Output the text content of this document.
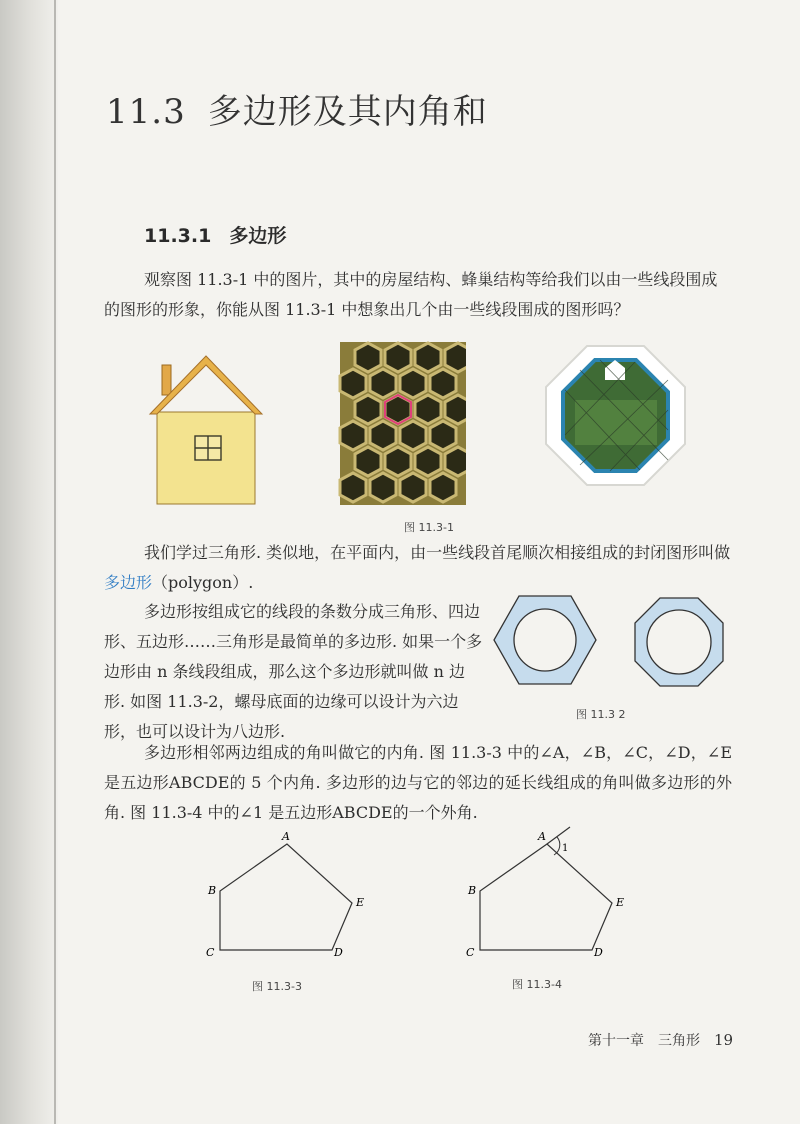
11.3 多边形及其内角和
11.3.1 多边形
观察图 11.3-1 中的图片，其中的房屋结构、蜂巢结构等给我们以由一些线段围成的图形的形象，你能从图 11.3-1 中想象出几个由一些线段围成的图形吗？
图 11.3-1
我们学过三角形. 类似地，在平面内，由一些线段首尾顺次相接组成的封闭图形叫做多边形（polygon）.
多边形按组成它的线段的条数分成三角形、四边形、五边形……三角形是最简单的多边形. 如果一个多边形由 n 条线段组成，那么这个多边形就叫做 n 边形. 如图 11.3-2，螺母底面的边缘可以设计为六边形，也可以设计为八边形.
图 11.3 2
多边形相邻两边组成的角叫做它的内角. 图 11.3-3 中的∠A，∠B，∠C，∠D，∠E 是五边形ABCDE的 5 个内角. 多边形的边与它的邻边的延长线组成的角叫做多边形的外角. 图 11.3-4 中的∠1 是五边形ABCDE的一个外角.
A
B
C	D
E
图 11.3-3
A
B
C	D
E
1
图 11.3-4
第十一章　三角形 19
